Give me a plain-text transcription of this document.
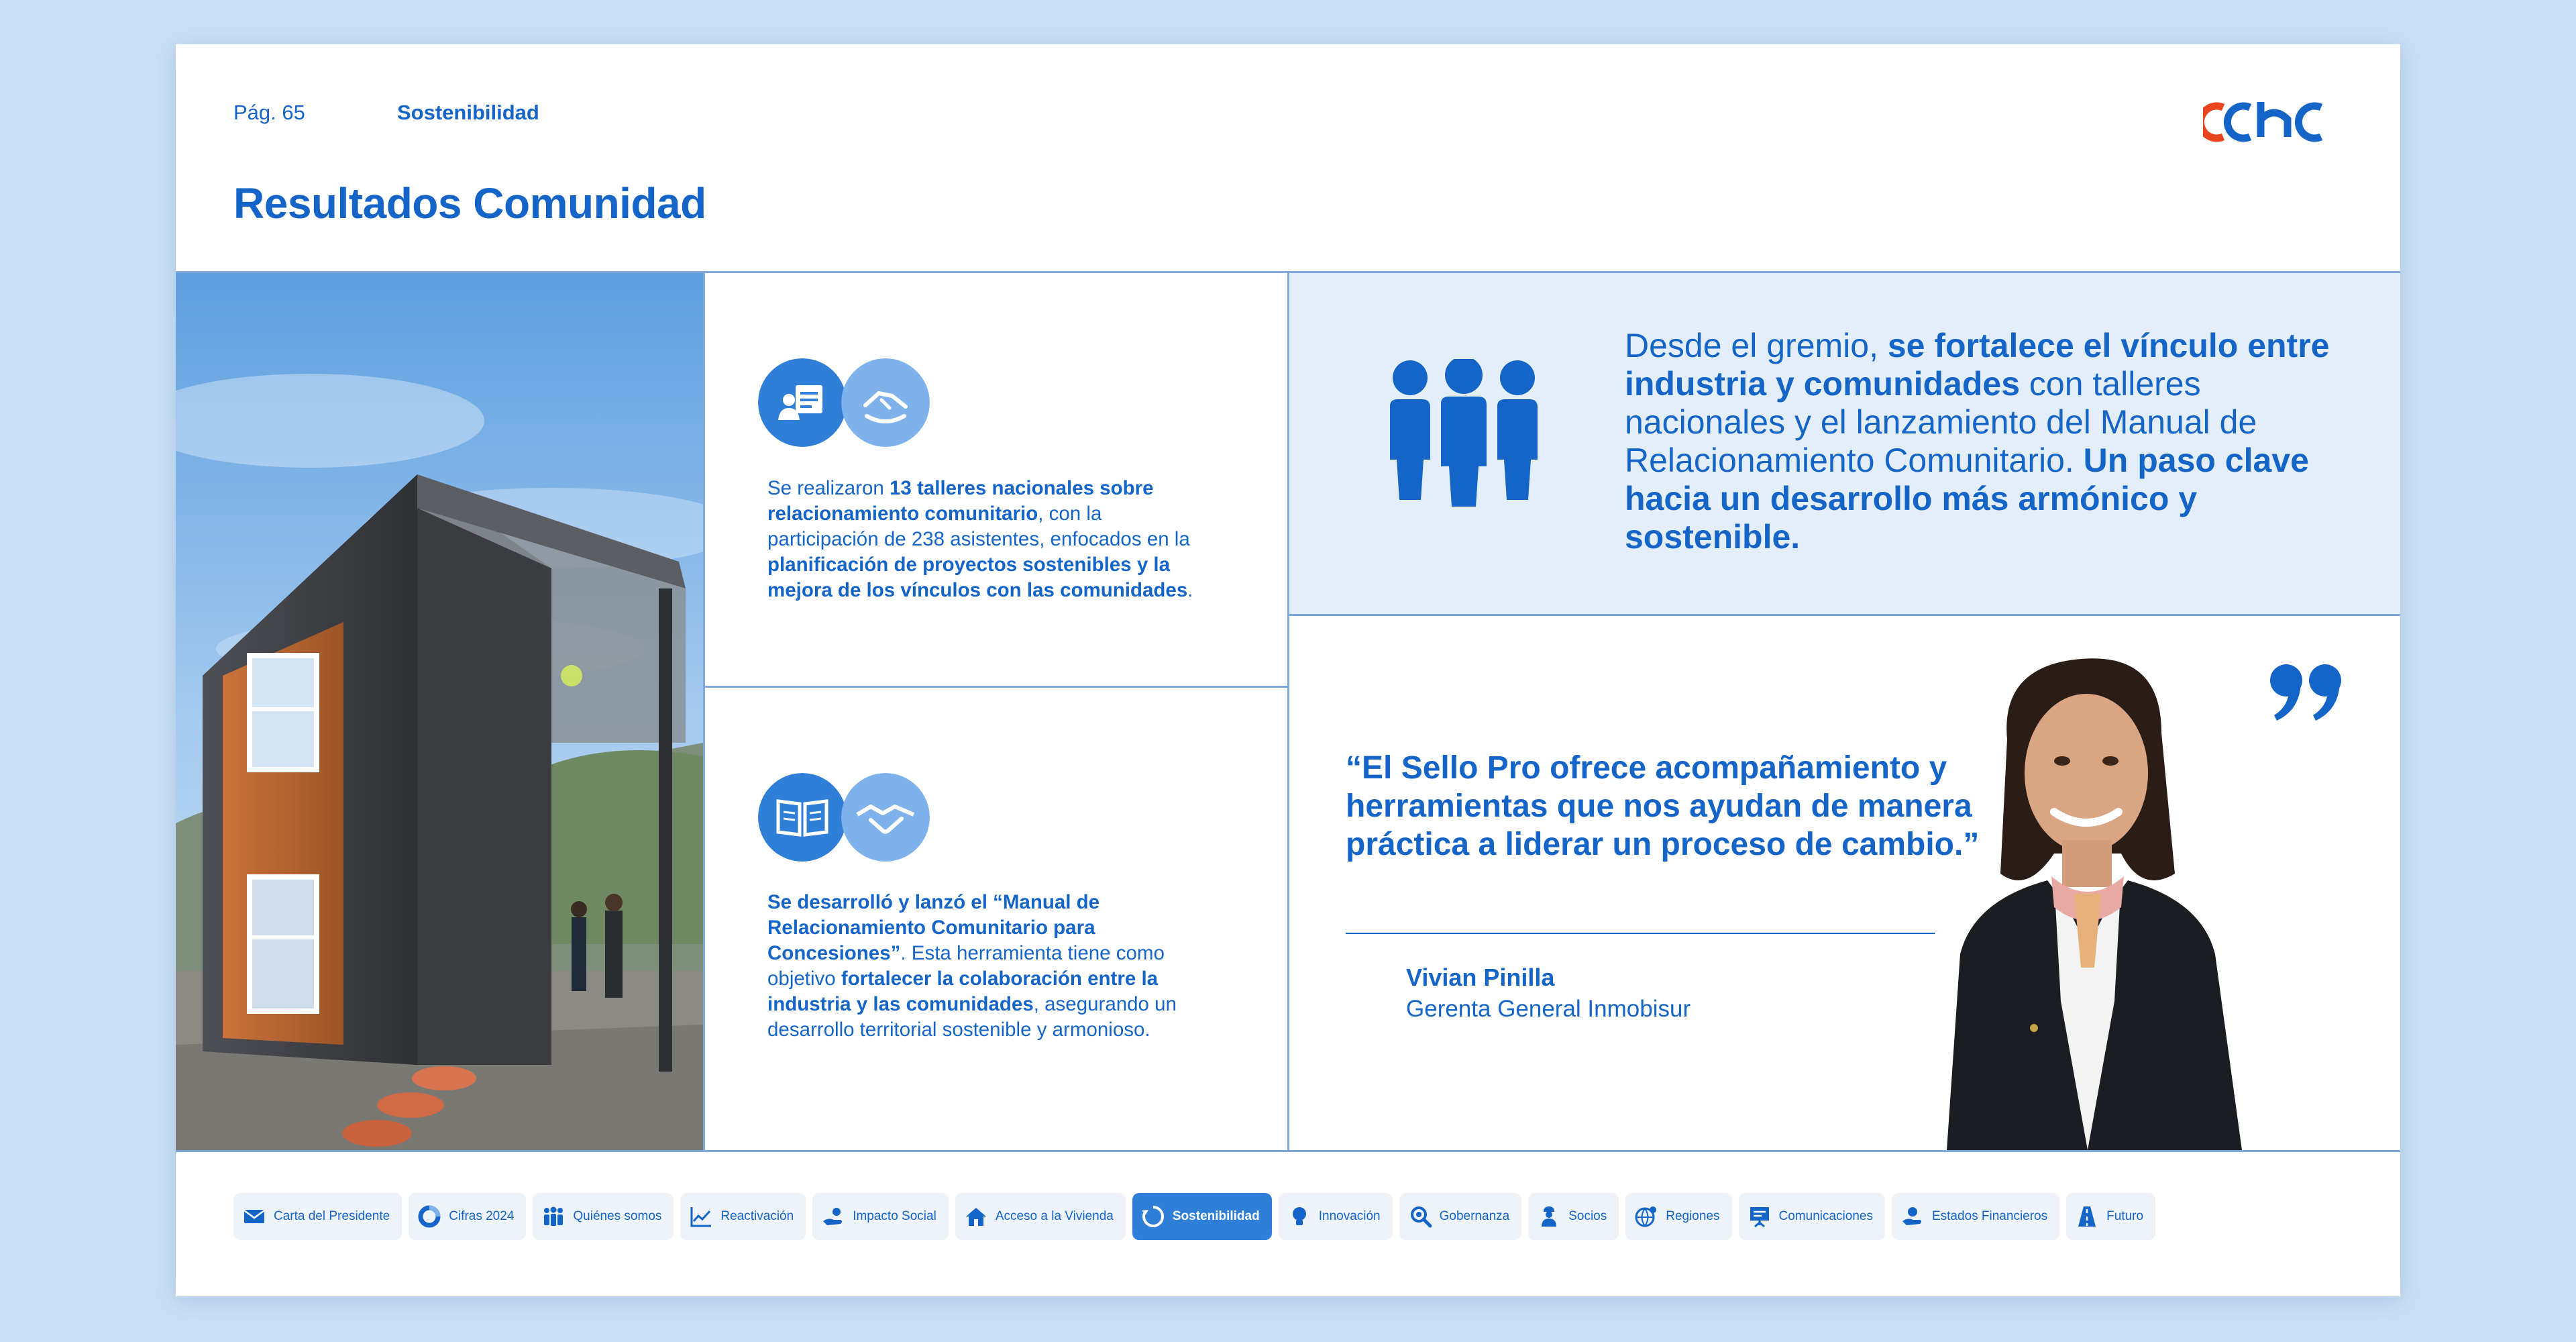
Pág. 65	Sostenibilidad
Resultados Comunidad
Se realizaron 13 talleres nacionales sobre relacionamiento comunitario, con la participación de 238 asistentes, enfocados en la planificación de proyectos sostenibles y la mejora de los vínculos con las comunidades.
Se desarrolló y lanzó el “Manual de Relacionamiento Comunitario para Concesiones”. Esta herramienta tiene como objetivo fortalecer la colaboración entre la industria y las comunidades, asegurando un desarrollo territorial sostenible y armonioso.
Desde el gremio, se fortalece el vínculo entre industria y comunidades con talleres nacionales y el lanzamiento del Manual de Relacionamiento Comunitario. Un paso clave hacia un desarrollo más armónico y sostenible.
“El Sello Pro ofrece acompañamiento y herramientas que nos ayudan de manera práctica a liderar un proceso de cambio.”
Vivian Pinilla
Gerenta General Inmobisur
Carta del Presidente	Cifras 2024	Quiénes somos	Reactivación	Impacto Social	Acceso a la Vivienda	Sostenibilidad	Innovación	Gobernanza	Socios	Regiones	Comunicaciones	Estados Financieros	Futuro
